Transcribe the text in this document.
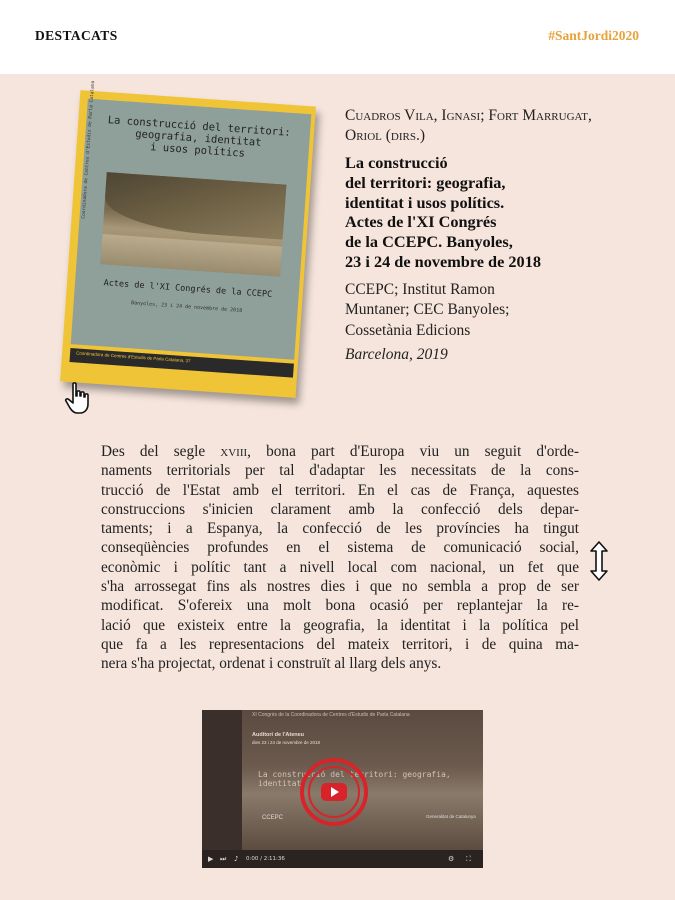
DESTACATS	#SantJordi2020
La construcció del territori:
geografia, identitat
i usos polítics
Actes de l'XI Congrés de la CCEPC
Banyoles, 23 i 24 de novembre de 2018
Coordinadora de Centres d'Estudis de Parla Catalana
Coordinadora de Centres d'Estudis de Parla Catalana, 37

Cuadros Vila, Ignasi; Fort Marrugat, Oriol (dirs.)

La construcció
del territori: geografia,
identitat i usos polítics.
Actes de l'XI Congrés
de la CCEPC. Banyoles,
23 i 24 de novembre de 2018

CCEPC; Institut Ramon
Muntaner; CEC Banyoles;
Cossetània Edicions

Barcelona, 2019

Des del segle xviii, bona part d'Europa viu un seguit d'orde-
naments territorials per tal d'adaptar les necessitats de la cons-
trucció de l'Estat amb el territori. En el cas de França, aquestes
construccions s'inicien clarament amb la confecció dels depar-
taments; i a Espanya, la confecció de les províncies ha tingut
conseqüències profundes en el sistema de comunicació social,
econòmic i polític tant a nivell local com nacional, un fet que
s'ha arrossegat fins als nostres dies i que no sembla a prop de ser
modificat. S'ofereix una molt bona ocasió per replantejar la re-
lació que existeix entre la geografia, la identitat i la política pel
que fa a les representacions del mateix territori, i de quina ma-
nera s'ha projectat, ordenat i construït al llarg dels anys.
XI Congrés de la Coordinadora de Centres d'Estudis de Parla Catalana
Auditori de l'Ateneu
dies 23 i 24 de novembre de 2018
La construcció del territori: geografia, identitat
CCEPC	Generalitat de Catalunya
▶ ⏭ ♪ 0:00 / 2:11:36	⚙ ⛶
